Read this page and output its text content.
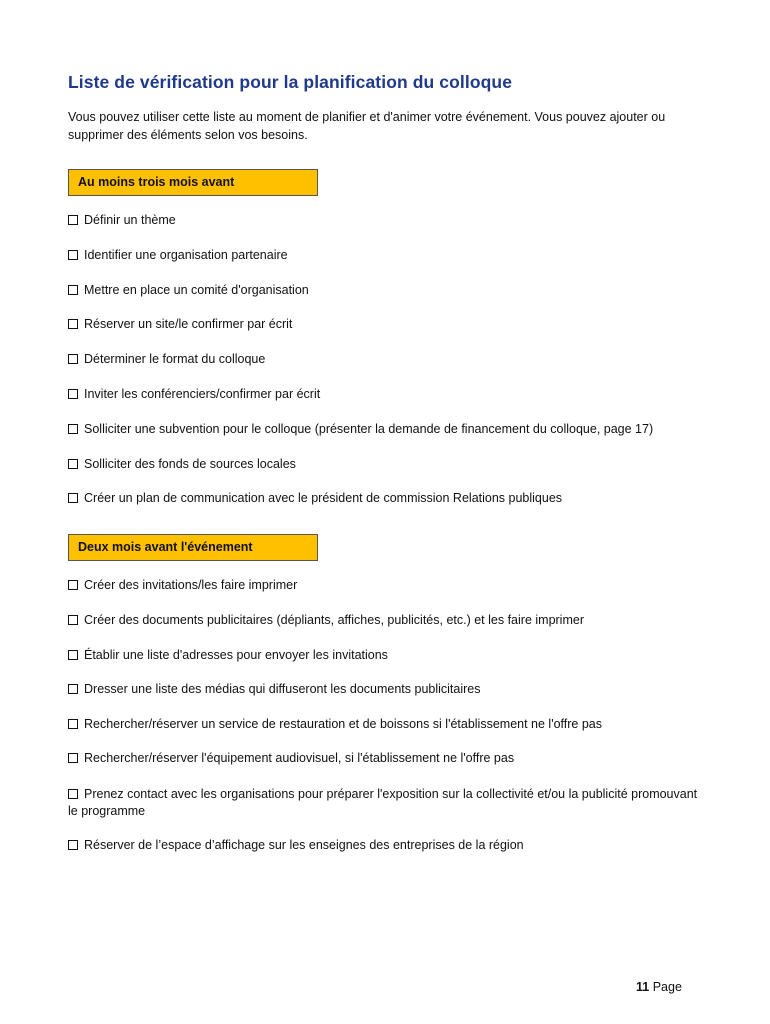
Liste de vérification pour la planification du colloque
Vous pouvez utiliser cette liste au moment de planifier et d'animer votre événement. Vous pouvez ajouter ou supprimer des éléments selon vos besoins.
Au moins trois mois avant
Définir un thème
Identifier une organisation partenaire
Mettre en place un comité d'organisation
Réserver un site/le confirmer par écrit
Déterminer le format du colloque
Inviter les conférenciers/confirmer par écrit
Solliciter une subvention pour le colloque (présenter la demande de financement du colloque, page 17)
Solliciter des fonds de sources locales
Créer un plan de communication avec le président de commission Relations publiques
Deux mois avant l'événement
Créer des invitations/les faire imprimer
Créer des documents publicitaires (dépliants, affiches, publicités, etc.) et les faire imprimer
Établir une liste d'adresses pour envoyer les invitations
Dresser une liste des médias qui diffuseront les documents publicitaires
Rechercher/réserver un service de restauration et de boissons si l'établissement ne l'offre pas
Rechercher/réserver l'équipement audiovisuel, si l'établissement ne l'offre pas
Prenez contact avec les organisations pour préparer l'exposition sur la collectivité et/ou la publicité promouvant le programme
Réserver de l’espace d’affichage sur les enseignes des entreprises de la région
11 Page
